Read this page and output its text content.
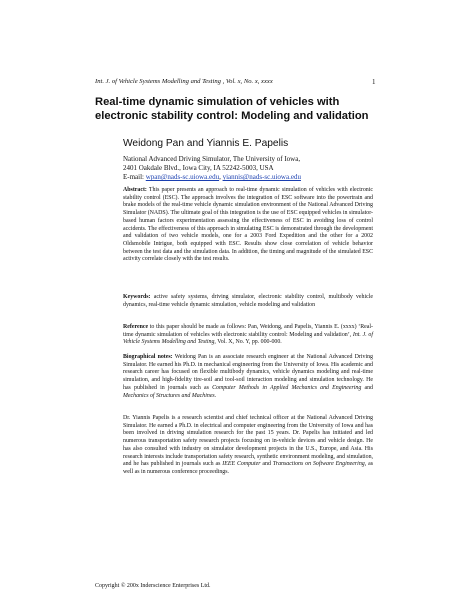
Int. J. of Vehicle Systems Modelling and Testing , Vol. x, No. x, xxxx	1
Real-time dynamic simulation of vehicles with electronic stability control: Modeling and validation
Weidong Pan and Yiannis E. Papelis
National Advanced Driving Simulator, The University of Iowa,
2401 Oakdale Blvd., Iowa City, IA 52242-5003, USA
E-mail: wpan@nads-sc.uiowa.edu, yiannis@nads-sc.uiowa.edu
Abstract: This paper presents an approach to real-time dynamic simulation of vehicles with electronic stability control (ESC). The approach involves the integration of ESC software into the powertrain and brake models of the real-time vehicle dynamic simulation environment of the National Advanced Driving Simulator (NADS). The ultimate goal of this integration is the use of ESC equipped vehicles in simulator-based human factors experimentation assessing the effectiveness of ESC in avoiding loss of control accidents. The effectiveness of this approach in simulating ESC is demonstrated through the development and validation of two vehicle models, one for a 2003 Ford Expedition and the other for a 2002 Oldsmobile Intrigue, both equipped with ESC. Results show close correlation of vehicle behavior between the test data and the simulation data. In addition, the timing and magnitude of the simulated ESC activity correlate closely with the test results.
Keywords: active safety systems, driving simulator, electronic stability control, multibody vehicle dynamics, real-time vehicle dynamic simulation, vehicle modeling and validation
Reference to this paper should be made as follows: Pan, Weidong, and Papelis, Yiannis E. (xxxx) ‘Real-time dynamic simulation of vehicles with electronic stability control: Modeling and validation’, Int. J. of Vehicle Systems Modelling and Testing, Vol. X, No. Y, pp. 000-000.
Biographical notes: Weidong Pan is an associate research engineer at the National Advanced Driving Simulator. He earned his Ph.D. in mechanical engineering from the University of Iowa. His academic and research career has focused on flexible multibody dynamics, vehicle dynamics modeling and real-time simulation, and high-fidelity tire-soil and tool-soil interaction modeling and simulation technology. He has published in journals such as Computer Methods in Applied Mechanics and Engineering and Mechanics of Structures and Machines.
Dr. Yiannis Papelis is a research scientist and chief technical officer at the National Advanced Driving Simulator. He earned a Ph.D. in electrical and computer engineering from the University of Iowa and has been involved in driving simulation research for the past 15 years. Dr. Papelis has initiated and led numerous transportation safety research projects focusing on in-vehicle devices and vehicle design. He has also consulted with industry on simulator development projects in the U.S., Europe, and Asia. His research interests include transportation safety research, synthetic environment modeling, and simulation, and he has published in journals such as IEEE Computer and Transactions on Software Engineering, as well as in numerous conference proceedings.
Copyright © 200x Inderscience Enterprises Ltd.
